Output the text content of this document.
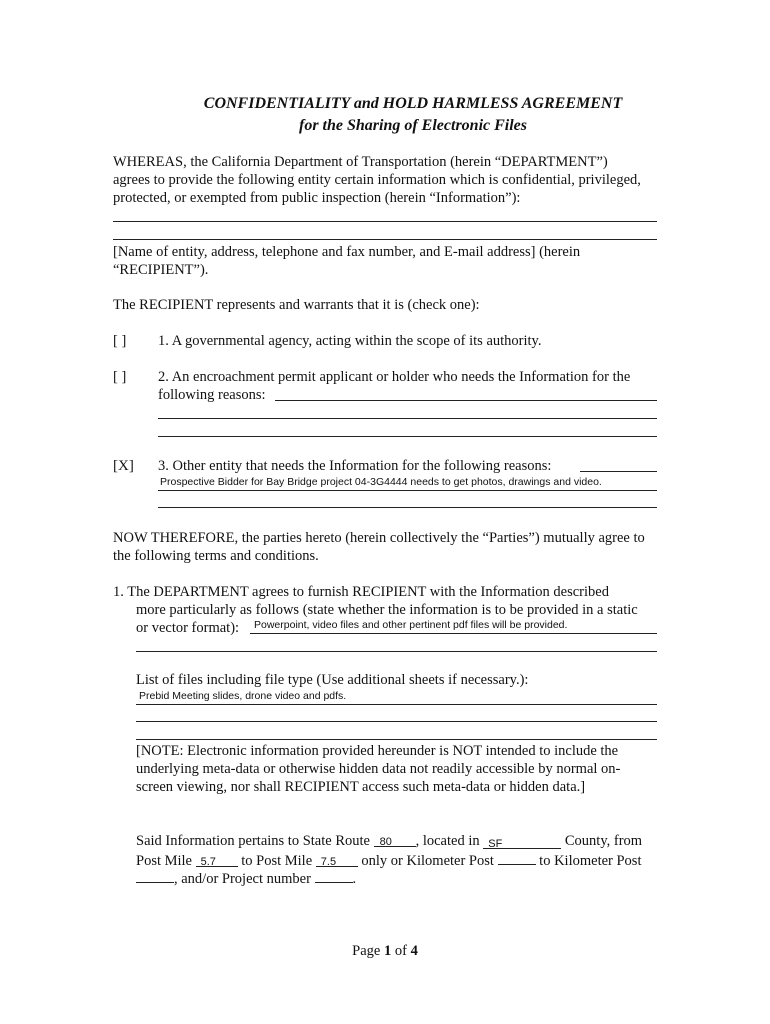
CONFIDENTIALITY and HOLD HARMLESS AGREEMENT
for the Sharing of Electronic Files
WHEREAS, the California Department of Transportation (herein “DEPARTMENT”)
agrees to provide the following entity certain information which is confidential, privileged,
protected, or exempted from public inspection (herein “Information”):
[Name of entity, address, telephone and fax number, and E-mail address] (herein
“RECIPIENT”).
The RECIPIENT represents and warrants that it is (check one):
[ ] 1. A governmental agency, acting within the scope of its authority.
[ ] 2. An encroachment permit applicant or holder who needs the Information for the
following reasons:
[X] 3. Other entity that needs the Information for the following reasons:
Prospective Bidder for Bay Bridge project 04-3G4444 needs to get photos, drawings and video.
NOW THEREFORE, the parties hereto (herein collectively the “Parties”) mutually agree to
the following terms and conditions.
1. The DEPARTMENT agrees to furnish RECIPIENT with the Information described
more particularly as follows (state whether the information is to be provided in a static
or vector format): Powerpoint, video files and other pertinent pdf files will be provided.
List of files including file type (Use additional sheets if necessary.):
Prebid Meeting slides, drone video and pdfs.
[NOTE: Electronic information provided hereunder is NOT intended to include the
underlying meta-data or otherwise hidden data not readily accessible by normal on-
screen viewing, nor shall RECIPIENT access such meta-data or hidden data.]
Said Information pertains to State Route 80 , located in SF	County, from
Post Mile 5.7 to Post Mile 7.5 only or Kilometer Post	to Kilometer Post
, and/or Project number	.
Page 1 of 4
